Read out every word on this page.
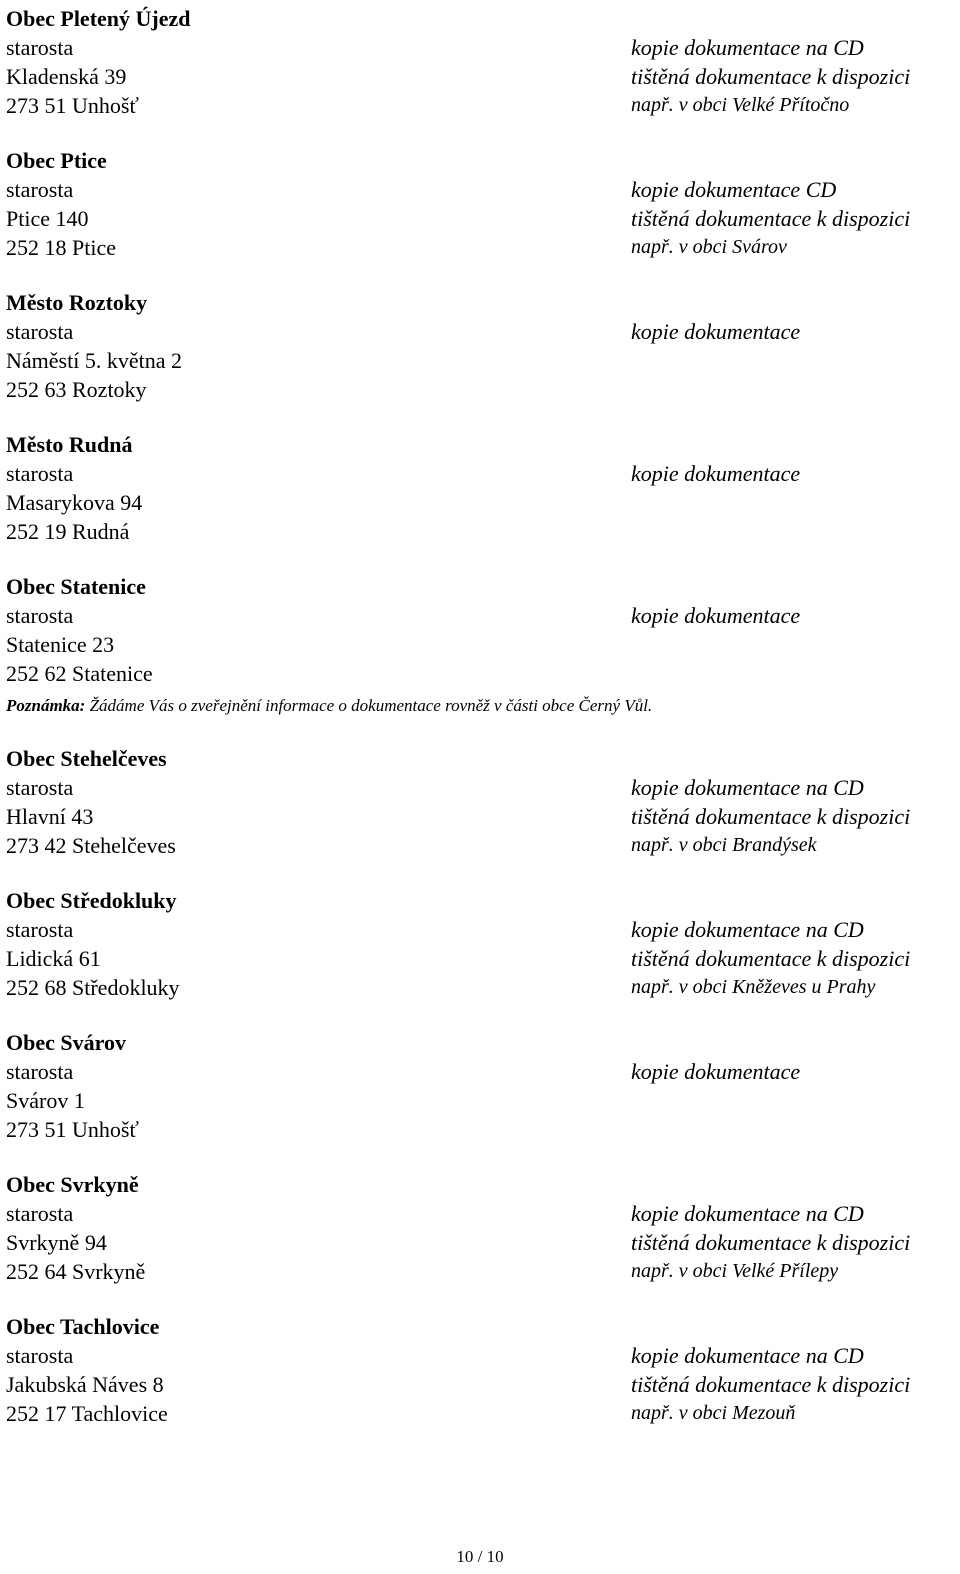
Obec Pletený Újezd
starosta
Kladenská 39
273 51 Unhošť
kopie dokumentace na CD
tištěná dokumentace k dispozici
např. v obci Velké Přítočno
Obec Ptice
starosta
Ptice 140
252 18 Ptice
kopie dokumentace CD
tištěná dokumentace k dispozici
např. v obci Svárov
Město Roztoky
starosta
Náměstí 5. května 2
252 63 Roztoky
kopie dokumentace
Město Rudná
starosta
Masarykova 94
252 19 Rudná
kopie dokumentace
Obec Statenice
starosta
Statenice 23
252 62 Statenice
kopie dokumentace
Poznámka: Žádáme Vás o zveřejnění informace o dokumentace rovněž v části obce Černý Vůl.
Obec Stehelčeves
starosta
Hlavní 43
273 42 Stehelčeves
kopie dokumentace na CD
tištěná dokumentace k dispozici
např. v obci Brandýsek
Obec Středokluky
starosta
Lidická 61
252 68 Středokluky
kopie dokumentace na CD
tištěná dokumentace k dispozici
např. v obci Kněževes u Prahy
Obec Svárov
starosta
Svárov 1
273 51 Unhošť
kopie dokumentace
Obec Svrkyně
starosta
Svrkyně 94
252 64 Svrkyně
kopie dokumentace na CD
tištěná dokumentace k dispozici
např. v obci Velké Přílepy
Obec Tachlovice
starosta
Jakubská Náves 8
252 17 Tachlovice
kopie dokumentace na CD
tištěná dokumentace k dispozici
např. v obci Mezouň
10 / 10
